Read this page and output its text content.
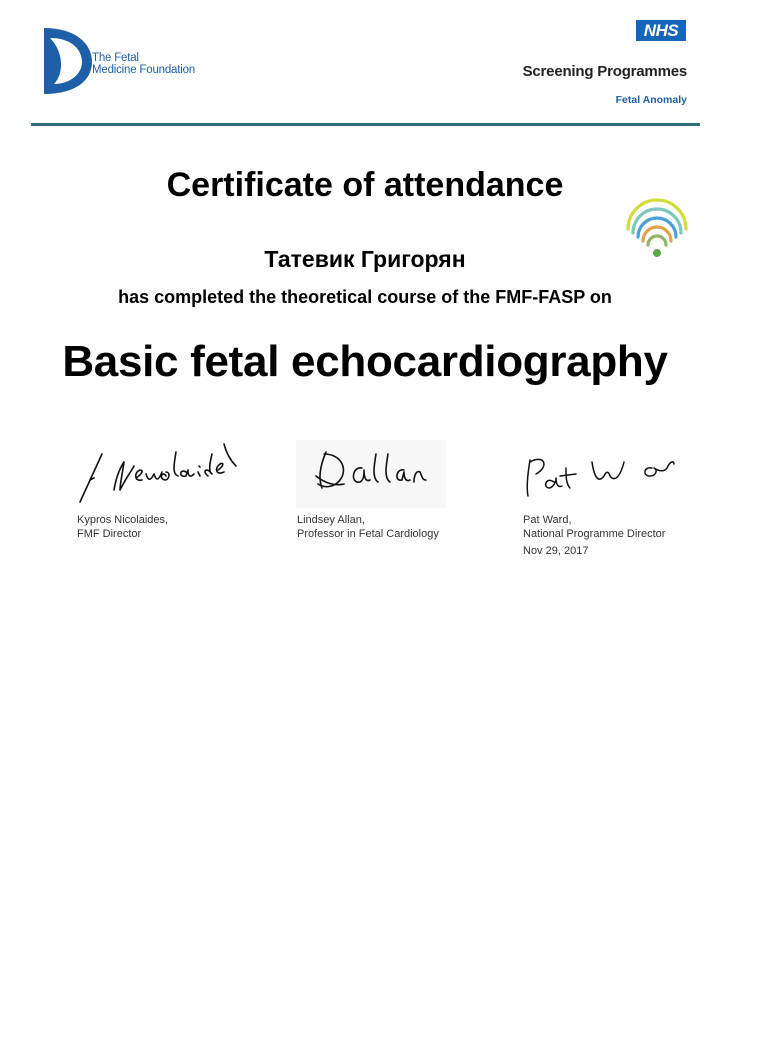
The Fetal
Medicine Foundation
NHS
Screening Programmes
Fetal Anomaly
Certificate of attendance
Татевик Григорян
has completed the theoretical course of the FMF-FASP on
Basic fetal echocardiography
Kypros Nicolaides,
FMF Director
Lindsey Allan,
Professor in Fetal Cardiology
Pat Ward,
National Programme Director
Nov 29, 2017
